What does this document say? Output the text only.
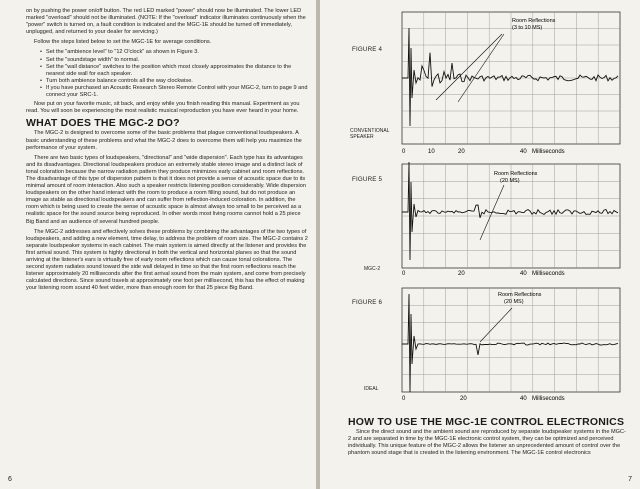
on by pushing the power on/off button. The red LED marked "power" should now be illuminated. The lower LED marked "overload" should not be illuminated. (NOTE: If the "overload" indicator illuminates continuously when the "power" switch is turned on, a fault condition is indicated and the MGC-1E should be turned off immediately, unplugged, and returned to your dealer for servicing.)

Follow the steps listed below to set the MGC-1E for average conditions.

• Set the "ambience level" to "12 O'clock" as shown in Figure 3.
• Set the "soundstage width" to normal.
• Set the "wall distance" switches to the position which most closely approximates the distance to the nearest side wall for each speaker.
• Turn both ambience balance controls all the way clockwise.
• If you have purchased an Acoustic Research Stereo Remote Control with your MGC-2, turn to page 9 and connect your SRC-1.

Now put on your favorite music, sit back, and enjoy while you finish reading this manual. Experiment as you read. You will soon be experiencing the most realistic musical reproduction you have ever heard in your home.

WHAT DOES THE MGC-2 DO?

The MGC-2 is designed to overcome some of the basic problems that plague conventional loudspeakers. A basic understanding of these problems and what the MGC-2 does to overcome them will help you maximize the performance of your system.

There are two basic types of loudspeakers, "directional" and "wide dispersion". Each type has its advantages and its disadvantages. Directional loudspeakers produce an extremely stable stereo image and a distinct lack of tonal coloration because the narrow radiation pattern they produce minimizes early cabinet and room reflections. The disadvantage of this type of dispersion pattern is that it does not provide a sense of acoustic space due to its minimal amount of room interaction. Also such a speaker restricts listening position considerably. Wide dispersion loudspeakers on the other hand interact with the room to produce a room filling sound, but do not produce an image as stable as directional loudspeakers and can suffer from reflection-induced coloration. In addition, the room which is being used to create the sense of acoustic space is almost always too small to be perceived as a realistic space for the sound source being reproduced. In other words most living rooms cannot hold a 25 piece Big Band and an audience of several hundred people.

The MGC-2 addresses and effectively solves these problems by combining the advantages of the two types of loudspeakers, and adding a new element, time delay, to address the problem of room size. The MGC-2 contains 2 separate loudspeaker systems in each cabinet. The main system is aimed directly at the listener and provides the first arrival sound. This system is highly directional in both the vertical and horizontal planes so that the sound arriving at the listener's ears is virtually free of early room reflections which can cause tonal colorations. The second system radiates sound toward the side wall delayed in time so that the first room reflections reach the listener approximately 20 milliseconds after the first arrival sound from the main system, and come from precisely calculated directions. Since sound travels at approximately one foot per millisecond, this has the effect of making your listening room sound 40 feet wider, more than enough room for that 25 piece Big Band.

6
FIGURE 4
CONVENTIONAL SPEAKER
Room Reflections
(3 to 10 MS)
0	10	20	40 Milliseconds
FIGURE 5
MGC-2
Room Reflections
(20 MS)
0	20	40 Milliseconds
FIGURE 6
IDEAL
Room Reflections
(20 MS)
0	20	40 Milliseconds
HOW TO USE THE MGC-1E CONTROL ELECTRONICS

Since the direct sound and the ambient sound are reproduced by separate loudspeaker systems in the MGC-2 and are separated in time by the MGC-1E electronic control system, they can be optimized and perceived individually. This unique feature of the MGC-2 allows the listener an unprecedented amount of control over the phantom sound stage that is created in the listening environment. The MGC-1E control electronics

7
